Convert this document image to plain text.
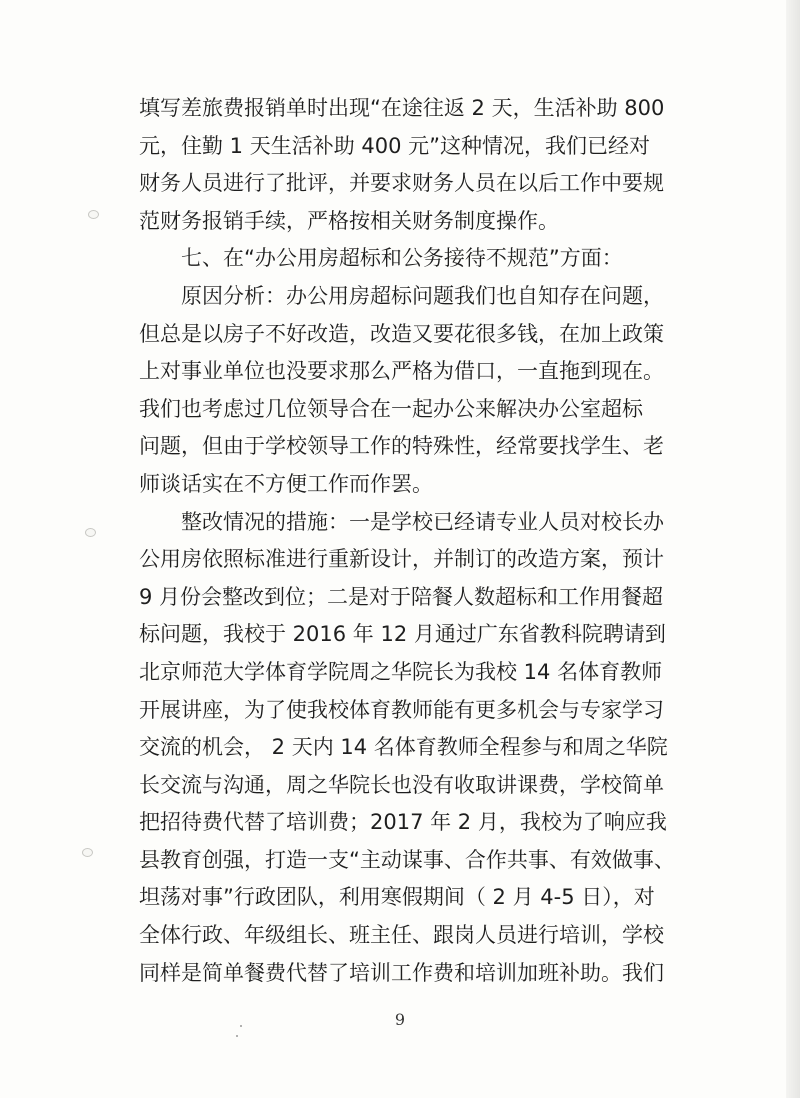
填写差旅费报销单时出现“在途往返 2 天，生活补助 800
元，住勤 1 天生活补助 400 元”这种情况，我们已经对
财务人员进行了批评，并要求财务人员在以后工作中要规
范财务报销手续，严格按相关财务制度操作。
七、在“办公用房超标和公务接待不规范”方面：
原因分析：办公用房超标问题我们也自知存在问题，
但总是以房子不好改造，改造又要花很多钱，在加上政策
上对事业单位也没要求那么严格为借口，一直拖到现在。
我们也考虑过几位领导合在一起办公来解决办公室超标
问题，但由于学校领导工作的特殊性，经常要找学生、老
师谈话实在不方便工作而作罢。
整改情况的措施：一是学校已经请专业人员对校长办
公用房依照标准进行重新设计，并制订的改造方案，预计
9 月份会整改到位；二是对于陪餐人数超标和工作用餐超
标问题，我校于 2016 年 12 月通过广东省教科院聘请到
北京师范大学体育学院周之华院长为我校 14 名体育教师
开展讲座，为了使我校体育教师能有更多机会与专家学习
交流的机会， 2 天内 14 名体育教师全程参与和周之华院
长交流与沟通，周之华院长也没有收取讲课费，学校简单
把招待费代替了培训费；2017 年 2 月，我校为了响应我
县教育创强，打造一支“主动谋事、合作共事、有效做事、
坦荡对事”行政团队，利用寒假期间（ 2 月 4-5 日），对
全体行政、年级组长、班主任、跟岗人员进行培训，学校
同样是简单餐费代替了培训工作费和培训加班补助。我们
9
